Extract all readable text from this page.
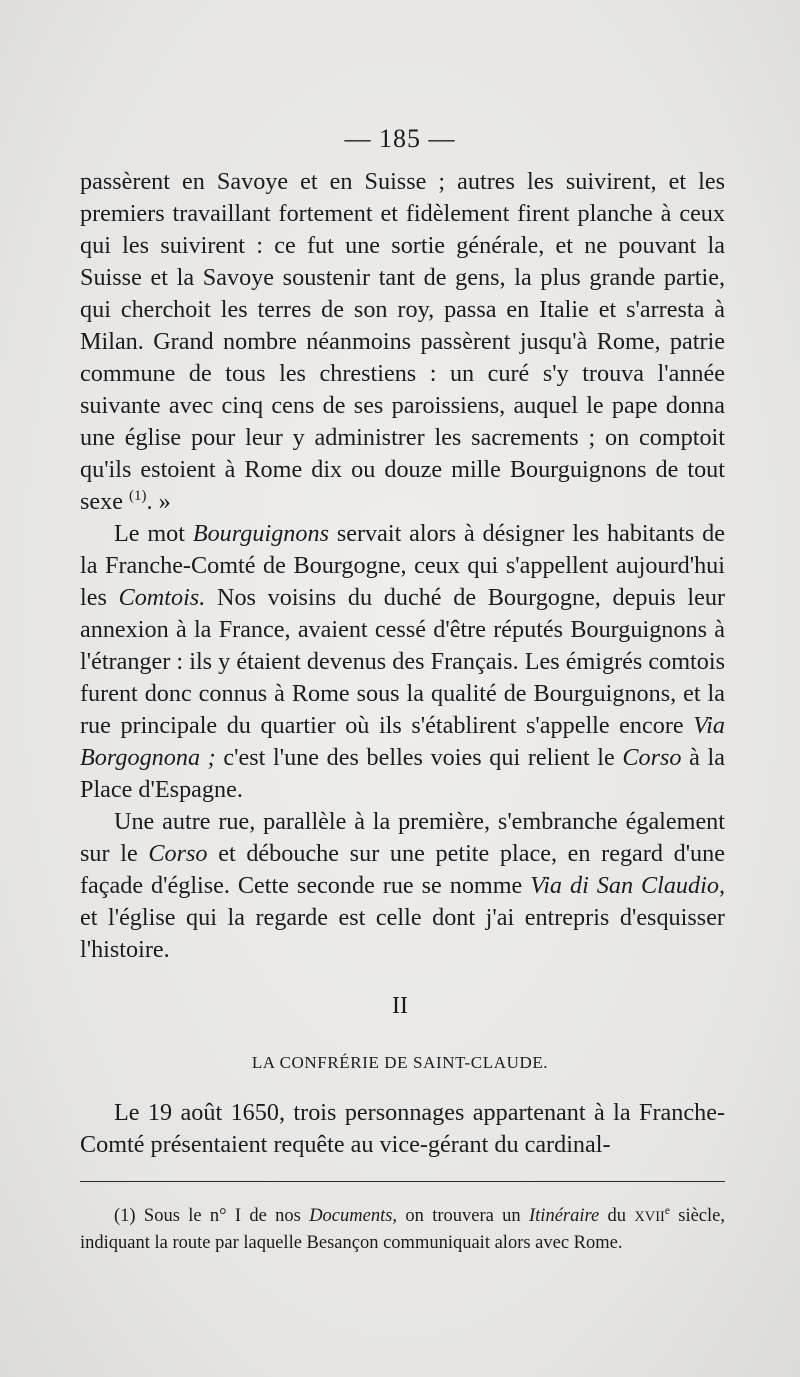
— 185 —

passèrent en Savoye et en Suisse ; autres les suivirent, et les premiers travaillant fortement et fidèlement firent planche à ceux qui les suivirent : ce fut une sortie générale, et ne pouvant la Suisse et la Savoye soustenir tant de gens, la plus grande partie, qui cherchoit les terres de son roy, passa en Italie et s'arresta à Milan. Grand nombre néanmoins passèrent jusqu'à Rome, patrie commune de tous les chrestiens : un curé s'y trouva l'année suivante avec cinq cens de ses paroissiens, auquel le pape donna une église pour leur y administrer les sacrements ; on comptoit qu'ils estoient à Rome dix ou douze mille Bourguignons de tout sexe $^{(1)}$. »

Le mot Bourguignons servait alors à désigner les habitants de la Franche-Comté de Bourgogne, ceux qui s'appellent aujourd'hui les Comtois. Nos voisins du duché de Bourgogne, depuis leur annexion à la France, avaient cessé d'être réputés Bourguignons à l'étranger : ils y étaient devenus des Français. Les émigrés comtois furent donc connus à Rome sous la qualité de Bourguignons, et la rue principale du quartier où ils s'établirent s'appelle encore Via Borgognona ; c'est l'une des belles voies qui relient le Corso à la Place d'Espagne.

Une autre rue, parallèle à la première, s'embranche également sur le Corso et débouche sur une petite place, en regard d'une façade d'église. Cette seconde rue se nomme Via di San Claudio, et l'église qui la regarde est celle dont j'ai entrepris d'esquisser l'histoire.

II
LA CONFRÉRIE DE SAINT-CLAUDE.

Le 19 août 1650, trois personnages appartenant à la Franche-Comté présentaient requête au vice-gérant du cardinal-

(1) Sous le n° I de nos Documents, on trouvera un Itinéraire du XVIIe siècle, indiquant la route par laquelle Besançon communiquait alors avec Rome.
